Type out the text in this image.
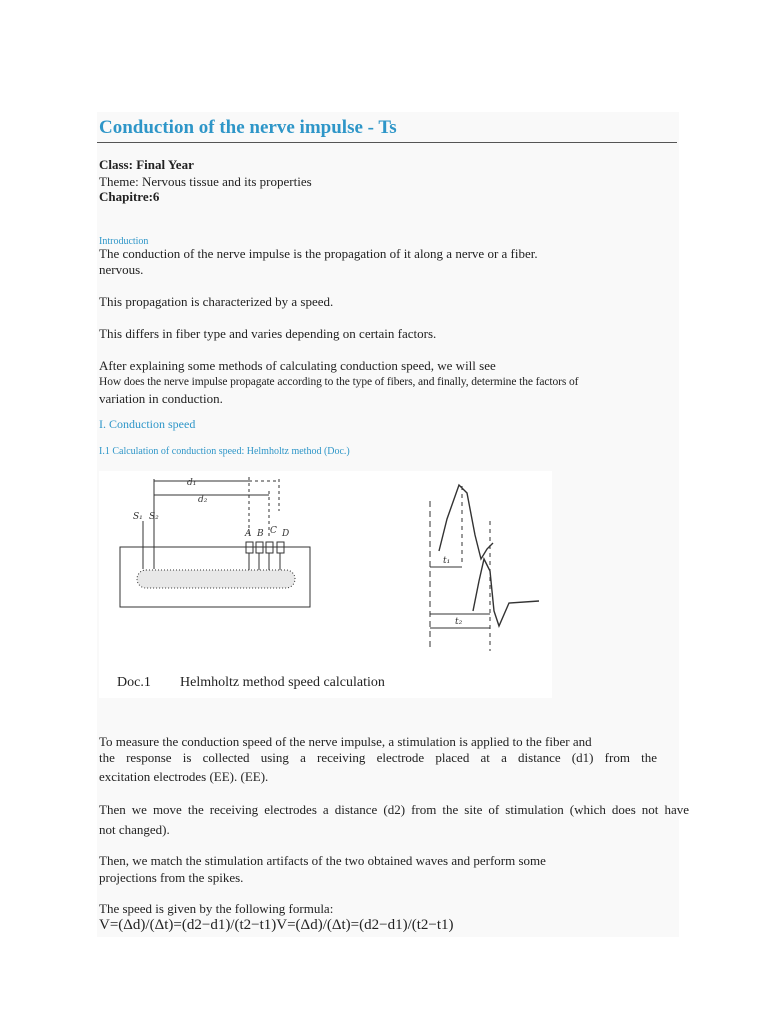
Conduction of the nerve impulse - Ts

Class: Final Year

Theme: Nervous tissue and its properties

Chapitre:6

Introduction

The conduction of the nerve impulse is the propagation of it along a nerve or a fiber.

nervous.

This propagation is characterized by a speed.

This differs in fiber type and varies depending on certain factors.

After explaining some methods of calculating conduction speed, we will see

How does the nerve impulse propagate according to the type of fibers, and finally, determine the factors of

variation in conduction.

I. Conduction speed

I.1 Calculation of conduction speed: Helmholtz method (Doc.)

d₁
d₂
S₁ S₂
A B C D
t₁
t₂

Doc.1 Helmholtz method speed calculation

To measure the conduction speed of the nerve impulse, a stimulation is applied to the fiber and

the response is collected using a receiving electrode placed at a distance (d1) from the

excitation electrodes (EE). (EE).

Then we move the receiving electrodes a distance (d2) from the site of stimulation (which does not have

not changed).

Then, we match the stimulation artifacts of the two obtained waves and perform some

projections from the spikes.

The speed is given by the following formula:

V=(Δd)/(Δt)=(d2−d1)/(t2−t1)V=(Δd)/(Δt)=(d2−d1)/(t2−t1)
